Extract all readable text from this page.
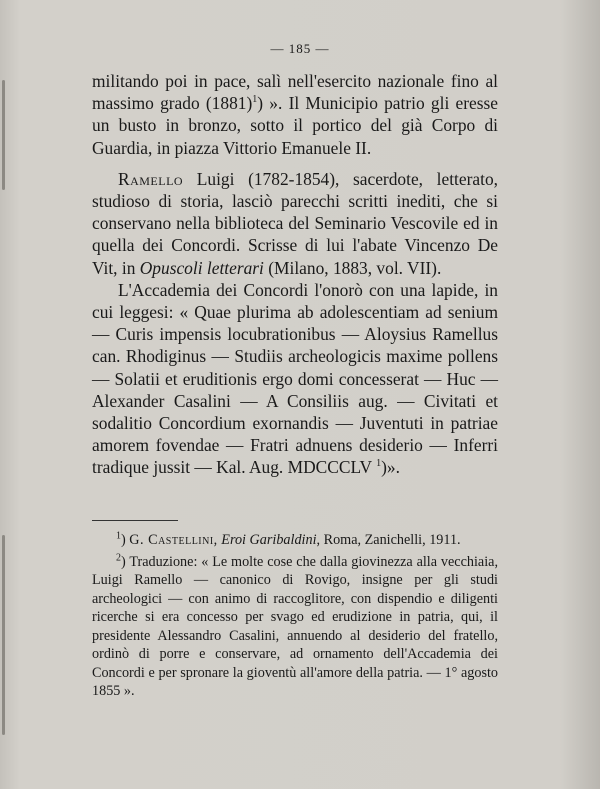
— 185 —

militando poi in pace, salì nell'esercito nazionale fino al massimo grado $(1881)^1$) ». Il Municipio patrio gli eresse un busto in bronzo, sotto il portico del già Corpo di Guardia, in piazza Vittorio Emanuele II.

Ramello Luigi (1782-1854), sacerdote, letterato, studioso di storia, lasciò parecchi scritti inediti, che si conservano nella biblioteca del Seminario Vescovile ed in quella dei Concordi. Scrisse di lui l'abate Vincenzo De Vit, in Opuscoli letterari (Milano, 1883, vol. VII).

L'Accademia dei Concordi l'onorò con una lapide, in cui leggesi: « Quae plurima ab adolescentiam ad senium — Curis impensis locubrationibus — Aloysius Ramellus can. Rhodiginus — Studiis archeologicis maxime pollens — Solatii et eruditionis ergo domi concesserat — Huc — Alexander Casalini — A Consiliis aug. — Civitati et sodalitio Concordium exornandis — Juventuti in patriae amorem fovendae — Fratri adnuens desiderio — Inferri tradique jussit — Kal. Aug. MDCCCLV $^1$)».

$^1$) G. Castellini, Eroi Garibaldini, Roma, Zanichelli, 1911.

$^2$) Traduzione: « Le molte cose che dalla giovinezza alla vecchiaia, Luigi Ramello — canonico di Rovigo, insigne per gli studi archeologici — con animo di raccoglitore, con dispendio e diligenti ricerche si era concesso per svago ed erudizione in patria, qui, il presidente Alessandro Casalini, annuendo al desiderio del fratello, ordinò di porre e conservare, ad ornamento dell'Accademia dei Concordi e per spronare la gioventù all'amore della patria. — 1° agosto 1855 ».
